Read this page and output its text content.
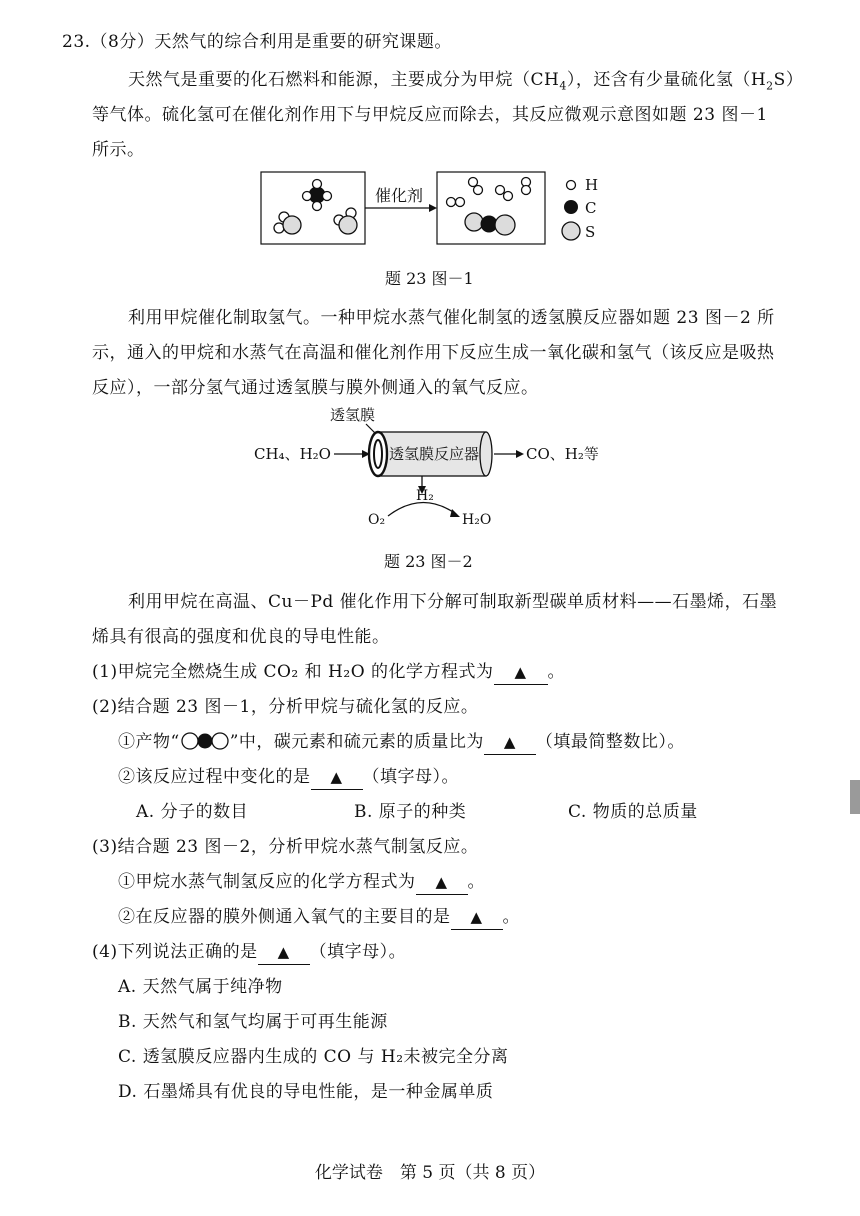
23.（8分）天然气的综合利用是重要的研究课题。
天然气是重要的化石燃料和能源，主要成分为甲烷$(CH_4)$，还含有少量硫化氢$(H_2S)$
等气体。硫化氢可在催化剂作用下与甲烷反应而除去，其反应微观示意图如题 23 图－1
所示。
催化剂
H
C
S
题 23 图－1
利用甲烷催化制取氢气。一种甲烷水蒸气催化制氢的透氢膜反应器如题 23 图－2 所
示，通入的甲烷和水蒸气在高温和催化剂作用下反应生成一氧化碳和氢气（该反应是吸热
反应），一部分氢气通过透氢膜与膜外侧通入的氧气反应。
透氢膜
CH₄、H₂O	透氢膜反应器	CO、H₂等
H₂
O₂	H₂O
题 23 图－2
利用甲烷在高温、Cu－Pd 催化作用下分解可制取新型碳单质材料——石墨烯，石墨
烯具有很高的强度和优良的导电性能。
(1)甲烷完全燃烧生成 CO₂ 和 H₂O 的化学方程式为 ▲ 。
(2)结合题 23 图－1，分析甲烷与硫化氢的反应。
①产物“	”中，碳元素和硫元素的质量比为 ▲ （填最简整数比）。
②该反应过程中变化的是 ▲ （填字母）。
A. 分子的数目	B. 原子的种类	C. 物质的总质量
(3)结合题 23 图－2，分析甲烷水蒸气制氢反应。
①甲烷水蒸气制氢反应的化学方程式为 ▲ 。
②在反应器的膜外侧通入氧气的主要目的是 ▲ 。
(4)下列说法正确的是 ▲ （填字母）。
A. 天然气属于纯净物
B. 天然气和氢气均属于可再生能源
C. 透氢膜反应器内生成的 CO 与 H₂未被完全分离
D. 石墨烯具有优良的导电性能，是一种金属单质
化学试卷　第 5 页（共 8 页）
